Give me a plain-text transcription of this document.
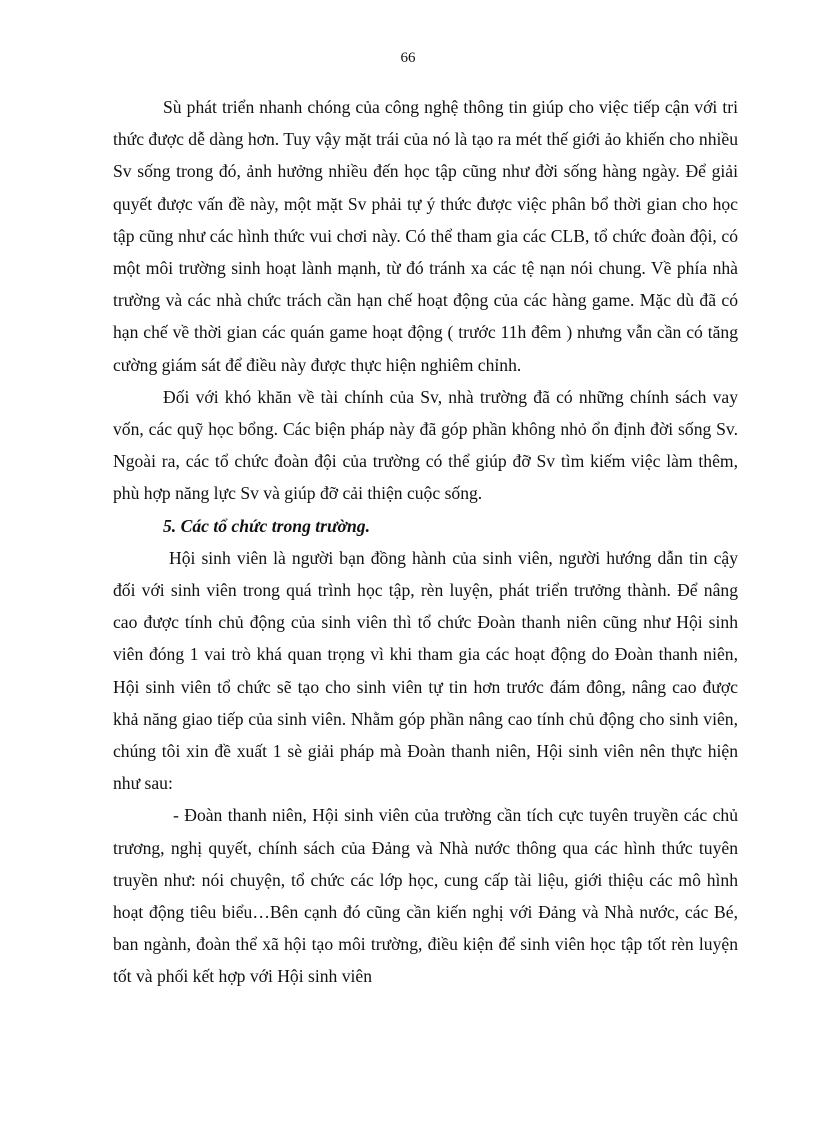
66

Sù phát triển nhanh chóng của công nghệ thông tin giúp cho việc tiếp cận với tri thức được dễ dàng hơn. Tuy vậy mặt trái của nó là tạo ra mét thế giới ảo khiến cho nhiều Sv sống trong đó, ảnh hưởng nhiều đến học tập cũng như đời sống hàng ngày. Để giải quyết được vấn đề này, một mặt Sv phải tự ý thức được việc phân bổ thời gian cho học tập cũng như các hình thức vui chơi này. Có thể tham gia các CLB, tổ chức đoàn đội, có một môi trường sinh hoạt lành mạnh, từ đó tránh xa các tệ nạn nói chung. Về phía nhà trường và các nhà chức trách cần hạn chế hoạt động của các hàng game. Mặc dù đã có hạn chế về thời gian các quán game hoạt động ( trước 11h đêm ) nhưng vẫn cần có tăng cường giám sát để điều này được thực hiện nghiêm chỉnh.

Đối với khó khăn về tài chính của Sv, nhà trường đã có những chính sách vay vốn, các quỹ học bổng. Các biện pháp này đã góp phần không nhỏ ổn định đời sống Sv. Ngoài ra, các tổ chức đoàn đội của trường có thể giúp đỡ Sv tìm kiếm việc làm thêm, phù hợp năng lực Sv và giúp đỡ cải thiện cuộc sống.

5. Các tổ chức trong trường.

Hội sinh viên là người bạn đồng hành của sinh viên, người hướng dẫn tin cậy đối với sinh viên trong quá trình học tập, rèn luyện, phát triển trưởng thành. Để nâng cao được tính chủ động của sinh viên thì tổ chức Đoàn thanh niên cũng như Hội sinh viên đóng 1 vai trò khá quan trọng vì khi tham gia các hoạt động do Đoàn thanh niên, Hội sinh viên tổ chức sẽ tạo cho sinh viên tự tin hơn trước đám đông, nâng cao được khả năng giao tiếp của sinh viên. Nhằm góp phần nâng cao tính chủ động cho sinh viên, chúng tôi xin đề xuất 1 sè giải pháp mà Đoàn thanh niên, Hội sinh viên nên thực hiện như sau:

- Đoàn thanh niên, Hội sinh viên của trường cần tích cực tuyên truyền các chủ trương, nghị quyết, chính sách của Đảng và Nhà nước thông qua các hình thức tuyên truyền như: nói chuyện, tổ chức các lớp học, cung cấp tài liệu, giới thiệu các mô hình hoạt động tiêu biểu…Bên cạnh đó cũng cần kiến nghị với Đảng và Nhà nước, các Bé, ban ngành, đoàn thể xã hội tạo môi trường, điều kiện để sinh viên học tập tốt rèn luyện tốt và phối kết hợp với Hội sinh viên
